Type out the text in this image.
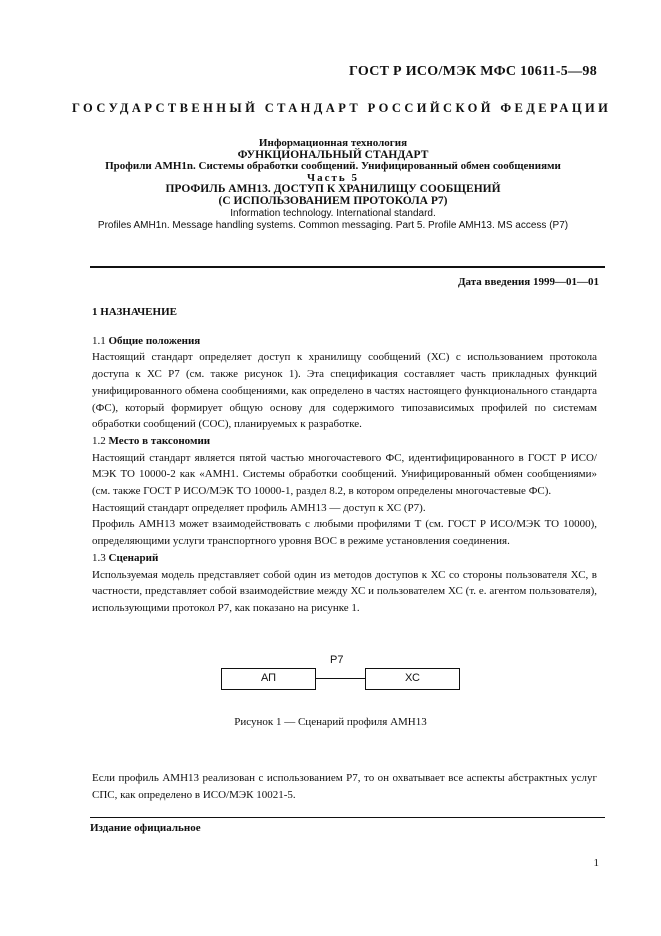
ГОСТ Р ИСО/МЭК МФС 10611-5—98
ГОСУДАРСТВЕННЫЙ СТАНДАРТ РОССИЙСКОЙ ФЕДЕРАЦИИ
Информационная технология
ФУНКЦИОНАЛЬНЫЙ СТАНДАРТ
Профили АМН1n. Системы обработки сообщений. Унифицированный обмен сообщениями
Часть 5
ПРОФИЛЬ АМН13. ДОСТУП К ХРАНИЛИЩУ СООБЩЕНИЙ
(С ИСПОЛЬЗОВАНИЕМ ПРОТОКОЛА Р7)
Information technology. International standard.
Profiles AMH1n. Message handling systems. Common messaging. Part 5. Profile AMH13. MS access (P7)
Дата введения 1999—01—01

1 НАЗНАЧЕНИЕ

1.1 Общие положения

Настоящий стандарт определяет доступ к хранилищу сообщений (ХС) с использованием протокола доступа к ХС Р7 (см. также рисунок 1). Эта спецификация составляет часть прикладных функций унифицированного обмена сообщениями, как определено в частях настоящего функционального стандарта (ФС), который формирует общую основу для содержимого типозависимых профилей по системам обработки сообщений (СОС), планируемых к разработке.

1.2 Место в таксономии

Настоящий стандарт является пятой частью многочастевого ФС, идентифицированного в ГОСТ Р ИСО/МЭК ТО 10000-2 как «АМН1. Системы обработки сообщений. Унифицированный обмен сообщениями» (см. также ГОСТ Р ИСО/МЭК ТО 10000-1, раздел 8.2, в котором определены многочастевые ФС).

Настоящий стандарт определяет профиль АМН13 — доступ к ХС (Р7).

Профиль АМН13 может взаимодействовать с любыми профилями Т (см. ГОСТ Р ИСО/МЭК ТО 10000), определяющими услуги транспортного уровня ВОС в режиме установления соединения.

1.3 Сценарий

Используемая модель представляет собой один из методов доступов к ХС со стороны пользователя ХС, в частности, представляет собой взаимодействие между ХС и пользователем ХС (т. е. агентом пользователя), использующими протокол Р7, как показано на рисунке 1.

АП
Р7
ХС
Рисунок 1 — Сценарий профиля АМН13
Если профиль АМН13 реализован с использованием Р7, то он охватывает все аспекты абстрактных услуг СПС, как определено в ИСО/МЭК 10021-5.
Издание официальное
1
